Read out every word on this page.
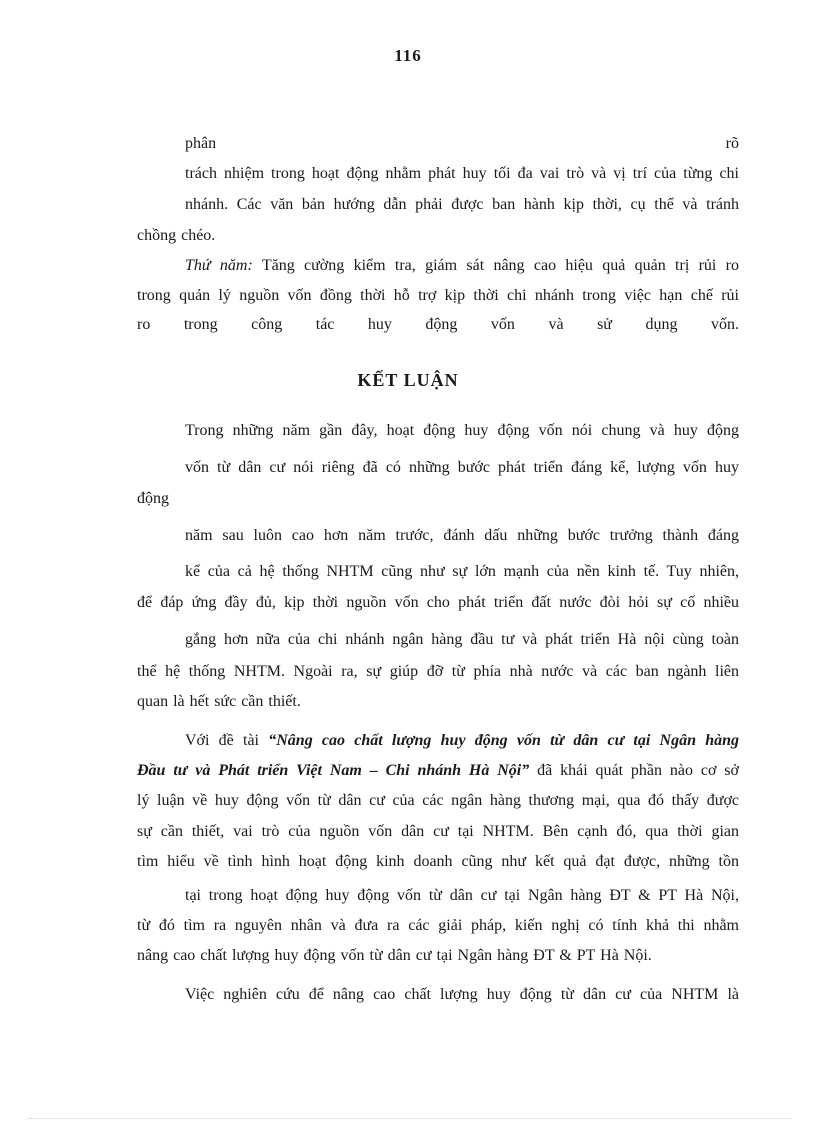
116
phân	rõ
trách nhiệm trong hoạt động nhằm phát huy tối đa vai trò và vị trí của từng chi
nhánh. Các văn bản hướng dẫn phải được ban hành kịp thời, cụ thể và tránh
chồng chéo.
Thứ năm: Tăng cường kiểm tra, giám sát nâng cao hiệu quả quản trị rủi ro
trong quản lý nguồn vốn đồng thời hỗ trợ kịp thời chi nhánh trong việc hạn chế rủi
ro trong công tác huy động vốn và sử dụng vốn.
KẾT LUẬN
Trong những năm gần đây, hoạt động huy động vốn nói chung và huy động
vốn từ dân cư nói riêng đã có những bước phát triển đáng kể, lượng vốn huy
động
năm sau luôn cao hơn năm trước, đánh dấu những bước trưởng thành đáng
kể của cả hệ thống NHTM cũng như sự lớn mạnh của nền kinh tế. Tuy nhiên,
để đáp ứng đầy đủ, kịp thời nguồn vốn cho phát triển đất nước đòi hỏi sự cố nhiều
gắng hơn nữa của chi nhánh ngân hàng đầu tư và phát triển Hà nội cùng toàn
thể hệ thống NHTM. Ngoài ra, sự giúp đỡ từ phía nhà nước và các ban ngành liên
quan là hết sức cần thiết.
Với đề tài “Nâng cao chất lượng huy động vốn từ dân cư tại Ngân hàng
Đầu tư và Phát triển Việt Nam – Chi nhánh Hà Nội” đã khái quát phần nào cơ sở
lý luận về huy động vốn từ dân cư của các ngân hàng thương mại, qua đó thấy được
sự cần thiết, vai trò của nguồn vốn dân cư tại NHTM. Bên cạnh đó, qua thời gian
tìm hiểu về tình hình hoạt động kinh doanh cũng như kết quả đạt được, những tồn
tại trong hoạt động huy động vốn từ dân cư tại Ngân hàng ĐT & PT Hà Nội,
từ đó tìm ra nguyên nhân và đưa ra các giải pháp, kiến nghị có tính khả thi nhằm
nâng cao chất lượng huy động vốn từ dân cư tại Ngân hàng ĐT & PT Hà Nội.
Việc nghiên cứu để nâng cao chất lượng huy động từ dân cư của NHTM là
